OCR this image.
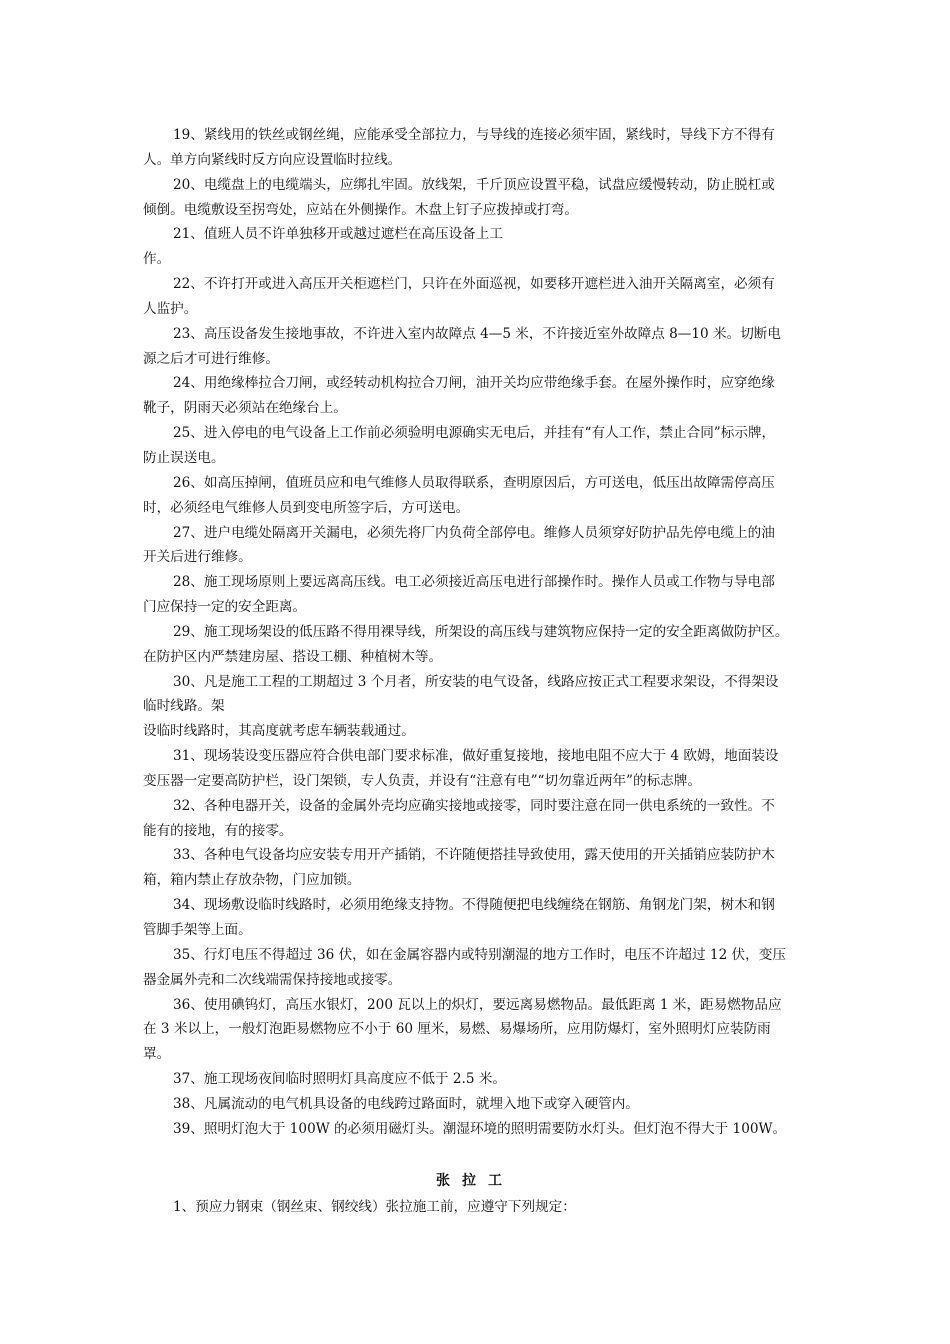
19、紧线用的铁丝或钢丝绳，应能承受全部拉力，与导线的连接必须牢固，紧线时，导线下方不得有
人。单方向紧线时反方向应设置临时拉线。
20、电缆盘上的电缆端头，应绑扎牢固。放线架，千斤顶应设置平稳，试盘应缓慢转动，防止脱杠或
倾倒。电缆敷设至拐弯处，应站在外侧操作。木盘上钉子应拨掉或打弯。
21、值班人员不许单独移开或越过遮栏在高压设备上工
作。
22、不许打开或进入高压开关柜遮栏门，只许在外面巡视，如要移开遮栏进入油开关隔离室，必须有
人监护。
23、高压设备发生接地事故，不许进入室内故障点 4—5 米，不许接近室外故障点 8—10 米。切断电
源之后才可进行维修。
24、用绝缘棒拉合刀闸，或经转动机构拉合刀闸，油开关均应带绝缘手套。在屋外操作时，应穿绝缘
靴子，阴雨天必须站在绝缘台上。
25、进入停电的电气设备上工作前必须验明电源确实无电后，并挂有“有人工作，禁止合同”标示牌，
防止误送电。
26、如高压掉闸，值班员应和电气维修人员取得联系，查明原因后，方可送电，低压出故障需停高压
时，必须经电气维修人员到变电所签字后，方可送电。
27、进户电缆处隔离开关漏电，必须先将厂内负荷全部停电。维修人员须穿好防护品先停电缆上的油
开关后进行维修。
28、施工现场原则上要远离高压线。电工必须接近高压电进行部操作时。操作人员或工作物与导电部
门应保持一定的安全距离。
29、施工现场架设的低压路不得用裸导线，所架设的高压线与建筑物应保持一定的安全距离做防护区。
在防护区内严禁建房屋、搭设工棚、种植树木等。
30、凡是施工工程的工期超过 3 个月者，所安装的电气设备，线路应按正式工程要求架设，不得架设
临时线路。架
设临时线路时，其高度就考虑车辆装载通过。
31、现场装设变压器应符合供电部门要求标准，做好重复接地，接地电阻不应大于 4 欧姆，地面装设
变压器一定要高防护栏，设门架锁，专人负责，并设有“注意有电”“切勿靠近两年”的标志牌。
32、各种电器开关，设备的金属外壳均应确实接地或接零，同时要注意在同一供电系统的一致性。不
能有的接地，有的接零。
33、各种电气设备均应安装专用开产插销，不许随便搭挂导致使用，露天使用的开关插销应装防护木
箱，箱内禁止存放杂物，门应加锁。
34、现场敷设临时线路时，必须用绝缘支持物。不得随便把电线缠绕在钢筋、角钢龙门架，树木和钢
管脚手架等上面。
35、行灯电压不得超过 36 伏，如在金属容器内或特别潮湿的地方工作时，电压不许超过 12 伏，变压
器金属外壳和二次线端需保持接地或接零。
36、使用碘钨灯，高压水银灯，200 瓦以上的炽灯，要远离易燃物品。最低距离 1 米，距易燃物品应
在 3 米以上，一般灯泡距易燃物应不小于 60 厘米，易燃、易爆场所，应用防爆灯，室外照明灯应装防雨
罩。
37、施工现场夜间临时照明灯具高度应不低于 2.5 米。
38、凡属流动的电气机具设备的电线跨过路面时，就埋入地下或穿入硬管内。
39、照明灯泡大于 100W 的必须用磁灯头。潮湿环境的照明需要防水灯头。但灯泡不得大于 100W。
张拉工
1、预应力钢束（钢丝束、钢绞线）张拉施工前，应遵守下列规定：
